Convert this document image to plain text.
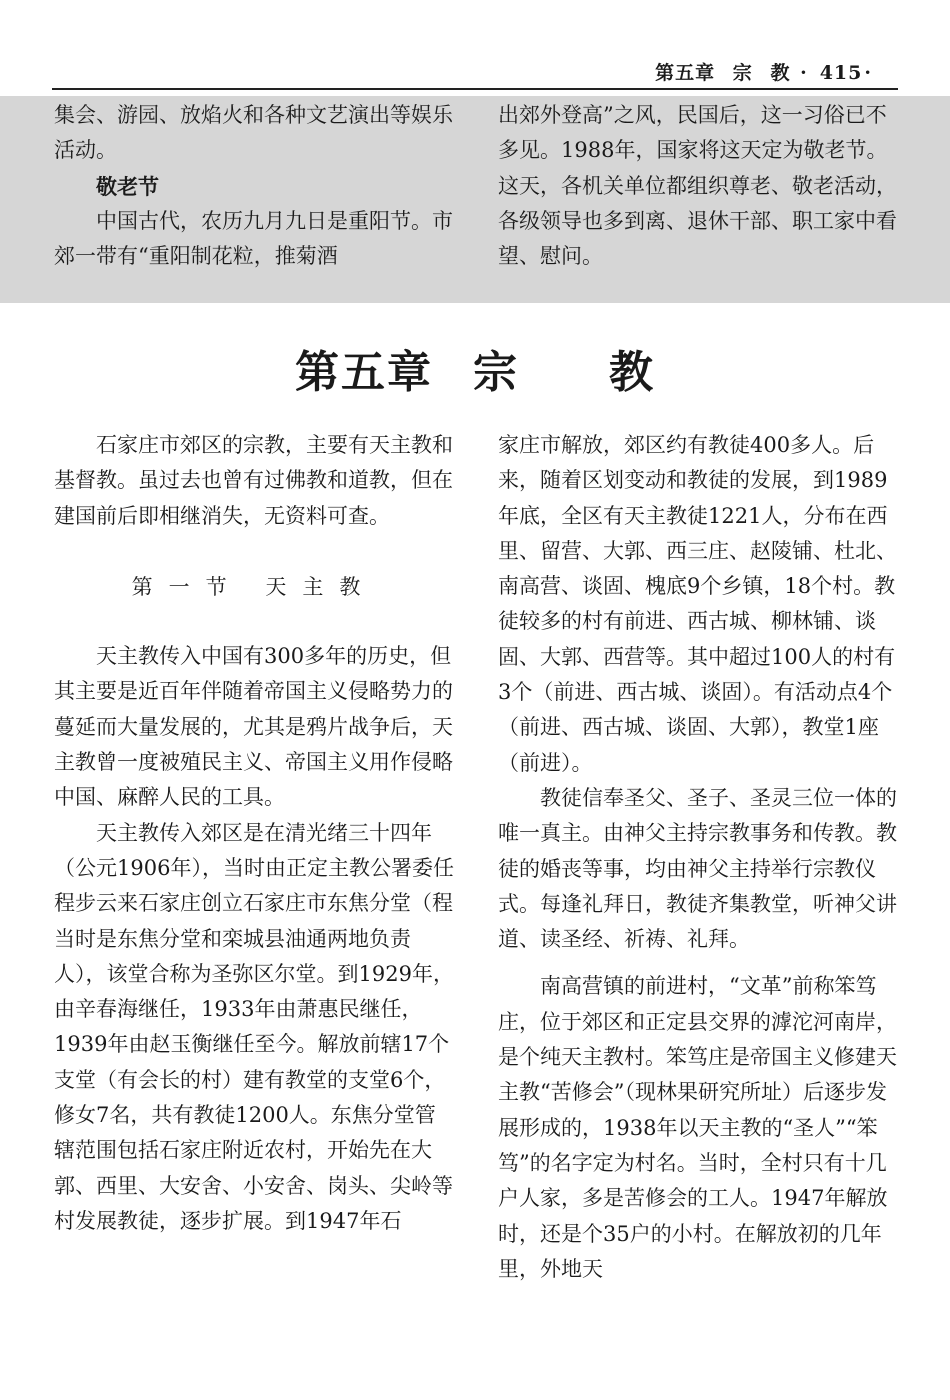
第五章 宗 教 · 415 ·

集会、游园、放焰火和各种文艺演出等娱乐活动。

敬老节

中国古代，农历九月九日是重阳节。市郊一带有“重阳制花粒，推菊酒

出郊外登高”之风，民国后，这一习俗已不多见。1988年，国家将这天定为敬老节。这天，各机关单位都组织尊老、敬老活动，各级领导也多到离、退休干部、职工家中看望、慰问。

第五章 宗 教

石家庄市郊区的宗教，主要有天主教和基督教。虽过去也曾有过佛教和道教，但在建国前后即相继消失，无资料可查。

第一节 天主教

天主教传入中国有300多年的历史，但其主要是近百年伴随着帝国主义侵略势力的蔓延而大量发展的，尤其是鸦片战争后，天主教曾一度被殖民主义、帝国主义用作侵略中国、麻醉人民的工具。

天主教传入郊区是在清光绪三十四年（公元1906年），当时由正定主教公署委任程步云来石家庄创立石家庄市东焦分堂（程当时是东焦分堂和栾城县油通两地负责人），该堂合称为圣弥区尔堂。到1929年，由辛春海继任，1933年由萧惠民继任，1939年由赵玉衡继任至今。解放前辖17个支堂（有会长的村）建有教堂的支堂6个，修女7名，共有教徒1200人。东焦分堂管辖范围包括石家庄附近农村，开始先在大郭、西里、大安舍、小安舍、岗头、尖岭等村发展教徒，逐步扩展。到1947年石

家庄市解放，郊区约有教徒400多人。后来，随着区划变动和教徒的发展，到1989年底，全区有天主教徒1221人，分布在西里、留营、大郭、西三庄、赵陵铺、杜北、南高营、谈固、槐底9个乡镇，18个村。教徒较多的村有前进、西古城、柳林铺、谈固、大郭、西营等。其中超过100人的村有3个（前进、西古城、谈固）。有活动点4个（前进、西古城、谈固、大郭），教堂1座（前进）。

教徒信奉圣父、圣子、圣灵三位一体的唯一真主。由神父主持宗教事务和传教。教徒的婚丧等事，均由神父主持举行宗教仪式。每逢礼拜日，教徒齐集教堂，听神父讲道、读圣经、祈祷、礼拜。

南高营镇的前进村，“文革”前称笨笃庄，位于郊区和正定县交界的滹沱河南岸，是个纯天主教村。笨笃庄是帝国主义修建天主教“苦修会”（现林果研究所址）后逐步发展形成的，1938年以天主教的“圣人”“笨笃”的名字定为村名。当时，全村只有十几户人家，多是苦修会的工人。1947年解放时，还是个35户的小村。在解放初的几年里，外地天
